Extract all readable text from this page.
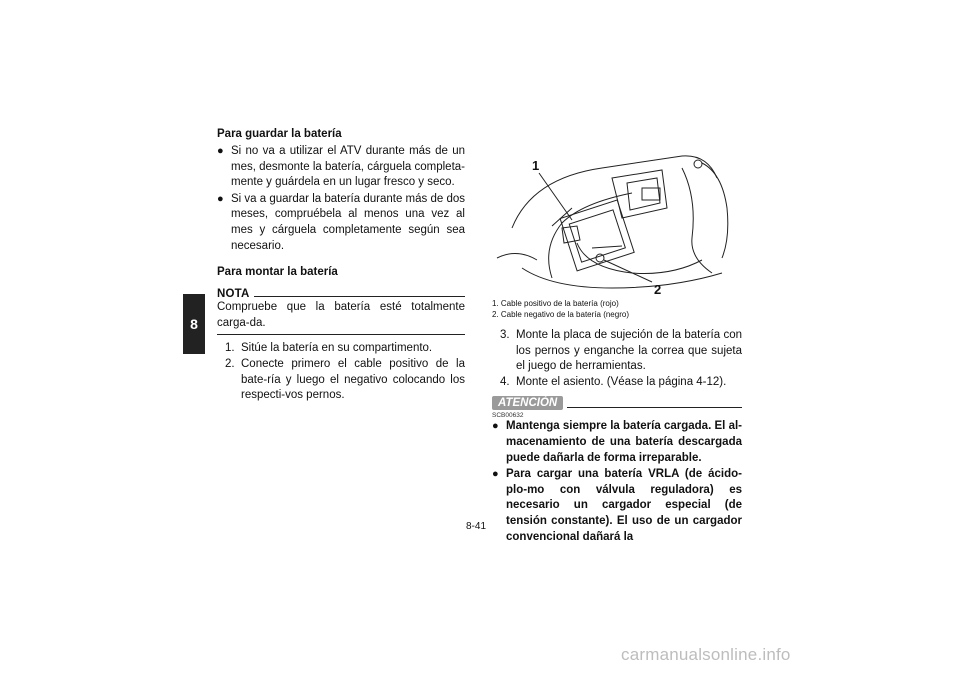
8
Para guardar la batería
● Si no va a utilizar el ATV durante más de un mes, desmonte la batería, cárguela completa-mente y guárdela en un lugar fresco y seco.
● Si va a guardar la batería durante más de dos meses, compruébela al menos una vez al mes y cárguela completamente según sea necesario.
Para montar la batería
NOTA
Compruebe que la batería esté totalmente carga-da.
1. Sitúe la batería en su compartimento.
2. Conecte primero el cable positivo de la bate-ría y luego el negativo colocando los respecti-vos pernos.
1
2
1. Cable positivo de la batería (rojo)
2. Cable negativo de la batería (negro)
3. Monte la placa de sujeción de la batería con los pernos y enganche la correa que sujeta el juego de herramientas.
4. Monte el asiento. (Véase la página 4-12).
ATENCIÓN
SCB00632
● Mantenga siempre la batería cargada. El al-macenamiento de una batería descargada puede dañarla de forma irreparable.
● Para cargar una batería VRLA (de ácido-plo-mo con válvula reguladora) es necesario un cargador especial (de tensión constante). El uso de un cargador convencional dañará la
8-41
carmanualsonline.info
